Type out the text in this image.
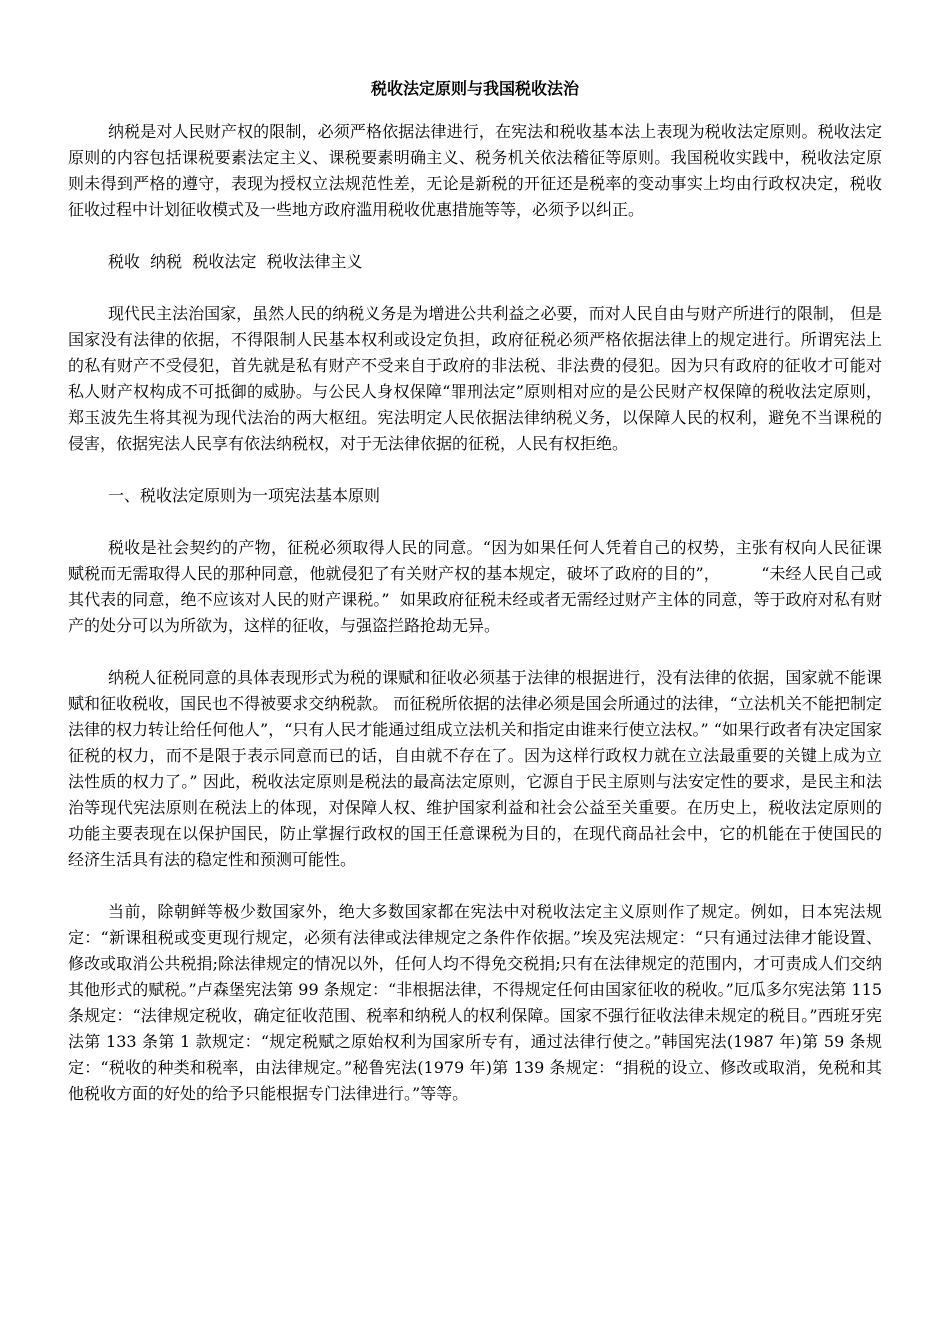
税收法定原则与我国税收法治

纳税是对人民财产权的限制，必须严格依据法律进行，在宪法和税收基本法上表现为税收法定原则。税收法定原则的内容包括课税要素法定主义、课税要素明确主义、税务机关依法稽征等原则。我国税收实践中，税收法定原则未得到严格的遵守，表现为授权立法规范性差，无论是新税的开征还是税率的变动事实上均由行政权决定，税收征收过程中计划征收模式及一些地方政府滥用税收优惠措施等等，必须予以纠正。

税收  纳税  税收法定  税收法律主义

现代民主法治国家，虽然人民的纳税义务是为增进公共利益之必要，而对人民自由与财产所进行的限制， 但是国家没有法律的依据，不得限制人民基本权利或设定负担，政府征税必须严格依据法律上的规定进行。所谓宪法上的私有财产不受侵犯，首先就是私有财产不受来自于政府的非法税、非法费的侵犯。因为只有政府的征收才可能对私人财产权构成不可抵御的威胁。与公民人身权保障“罪刑法定”原则相对应的是公民财产权保障的税收法定原则，郑玉波先生将其视为现代法治的两大枢纽。宪法明定人民依据法律纳税义务，以保障人民的权利，避免不当课税的侵害，依据宪法人民享有依法纳税权，对于无法律依据的征税，人民有权拒绝。

一、税收法定原则为一项宪法基本原则

税收是社会契约的产物，征税必须取得人民的同意。“因为如果任何人凭着自己的权势，主张有权向人民征课赋税而无需取得人民的那种同意，他就侵犯了有关财产权的基本规定，破坏了政府的目的”，        “未经人民自己或其代表的同意，绝不应该对人民的财产课税。”  如果政府征税未经或者无需经过财产主体的同意，等于政府对私有财产的处分可以为所欲为，这样的征收，与强盗拦路抢劫无异。

纳税人征税同意的具体表现形式为税的课赋和征收必须基于法律的根据进行，没有法律的依据，国家就不能课赋和征收税收，国民也不得被要求交纳税款。 而征税所依据的法律必须是国会所通过的法律，“立法机关不能把制定法律的权力转让给任何他人”，“只有人民才能通过组成立法机关和指定由谁来行使立法权。” “如果行政者有决定国家征税的权力，而不是限于表示同意而已的话，自由就不存在了。因为这样行政权力就在立法最重要的关键上成为立法性质的权力了。” 因此，税收法定原则是税法的最高法定原则，它源自于民主原则与法安定性的要求，是民主和法治等现代宪法原则在税法上的体现，对保障人权、维护国家利益和社会公益至关重要。在历史上，税收法定原则的功能主要表现在以保护国民，防止掌握行政权的国王任意课税为目的，在现代商品社会中，它的机能在于使国民的经济生活具有法的稳定性和预测可能性。

当前，除朝鲜等极少数国家外，绝大多数国家都在宪法中对税收法定主义原则作了规定。例如，日本宪法规定：“新课租税或变更现行规定，必须有法律或法律规定之条件作依据。”埃及宪法规定：“只有通过法律才能设置、修改或取消公共税捐;除法律规定的情况以外，任何人均不得免交税捐;只有在法律规定的范围内，才可责成人们交纳其他形式的赋税。”卢森堡宪法第 99 条规定：“非根据法律，不得规定任何由国家征收的税收。”厄瓜多尔宪法第 115 条规定：“法律规定税收，确定征收范围、税率和纳税人的权利保障。国家不强行征收法律未规定的税目。”西班牙宪法第 133 条第 1 款规定：“规定税赋之原始权利为国家所专有，通过法律行使之。”韩国宪法(1987 年)第 59 条规定：“税收的种类和税率，由法律规定。”秘鲁宪法(1979 年)第 139 条规定：“捐税的设立、修改或取消，免税和其他税收方面的好处的给予只能根据专门法律进行。”等等。
